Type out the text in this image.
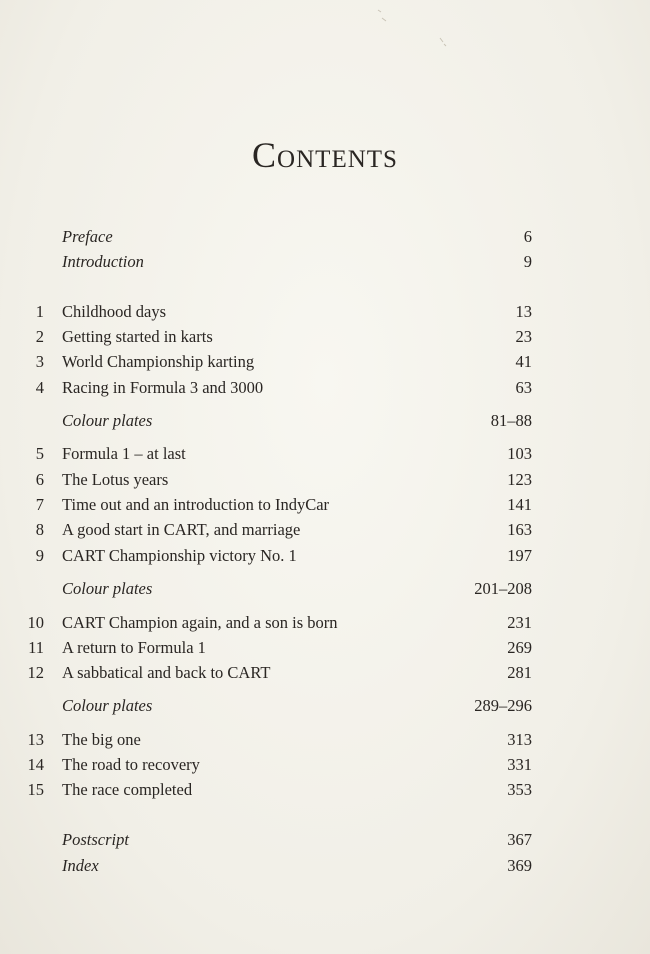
Contents
Preface	6
Introduction	9
1 Childhood days	13
2 Getting started in karts	23
3 World Championship karting	41
4 Racing in Formula 3 and 3000	63
Colour plates	81–88
5 Formula 1 – at last	103
6 The Lotus years	123
7 Time out and an introduction to IndyCar	141
8 A good start in CART, and marriage	163
9 CART Championship victory No. 1	197
Colour plates	201–208
10 CART Champion again, and a son is born	231
11 A return to Formula 1	269
12 A sabbatical and back to CART	281
Colour plates	289–296
13 The big one	313
14 The road to recovery	331
15 The race completed	353
Postscript	367
Index	369
